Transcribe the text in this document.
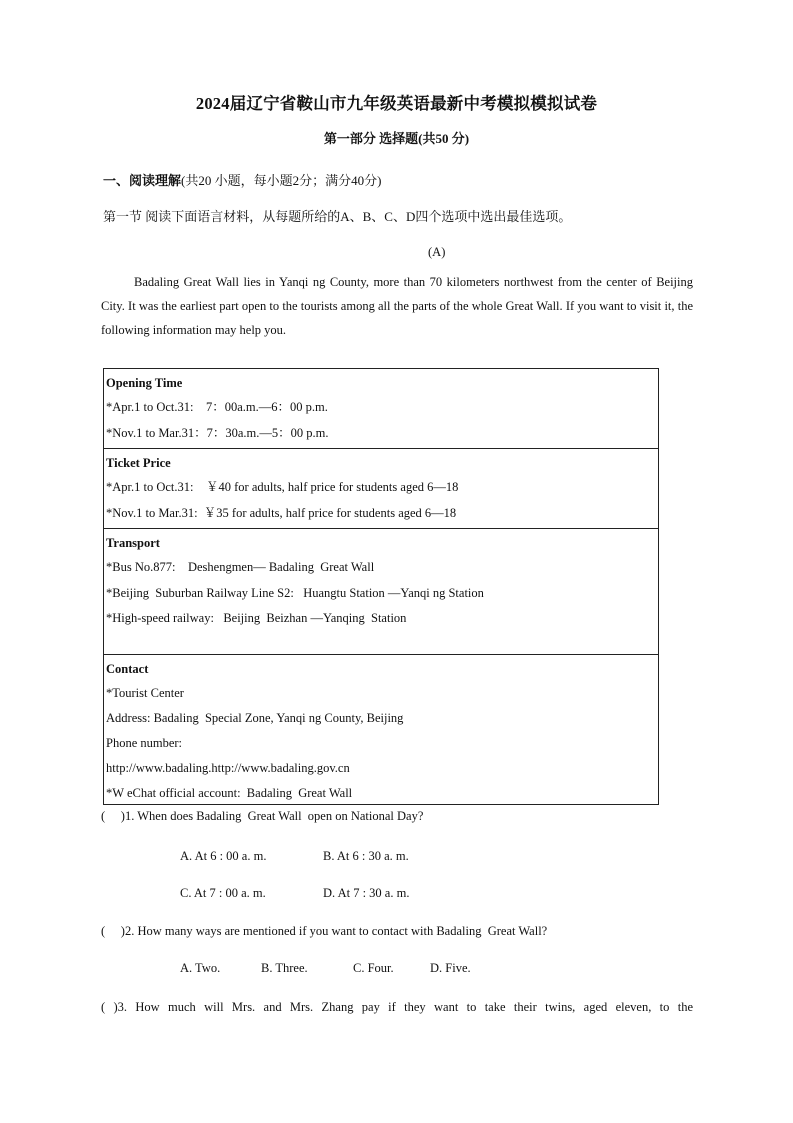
2024届辽宁省鞍山市九年级英语最新中考模拟模拟试卷
第一部分 选择题(共50 分)
一、阅读理解(共20 小题，每小题2分；满分40分)
第一节 阅读下面语言材料，从每题所给的A、B、C、D四个选项中选出最佳选项。
(A)
Badaling Great Wall lies in Yanqi ng County, more than 70 kilometers northwest from the center of Beijing City. It was the earliest part open to the tourists among all the parts of the whole Great Wall. If you want to visit it, the following information may help you.
Opening Time
*Apr.1 to Oct.31:    7：00a.m.—6：00 p.m.
*Nov.1 to Mar.31：7：30a.m.—5：00 p.m.
Ticket Price
*Apr.1 to Oct.31:    ￥40 for adults, half price for students aged 6—18
*Nov.1 to Mar.31:  ￥35 for adults, half price for students aged 6—18
Transport
*Bus No.877:    Deshengmen— Badaling  Great Wall
*Beijing  Suburban Railway Line S2:   Huangtu Station —Yanqi ng Station
*High-speed railway:   Beijing  Beizhan —Yanqing  Station
Contact
*Tourist Center
Address: Badaling  Special Zone, Yanqi ng County, Beijing
Phone number:
http://www.badaling.http://www.badaling.gov.cn
*W eChat official account:  Badaling  Great Wall
(     )1. When does Badaling  Great Wall  open on National Day?
A. At 6 : 00 a. m.	B. At 6 : 30 a. m.
C. At 7 : 00 a. m.	D. At 7 : 30 a. m.
(     )2. How many ways are mentioned if you want to contact with Badaling  Great Wall?
A. Two.	B. Three.	C. Four.	D. Five.
( )3. How much will Mrs. and Mrs. Zhang pay if they want to take their twins, aged eleven, to the
